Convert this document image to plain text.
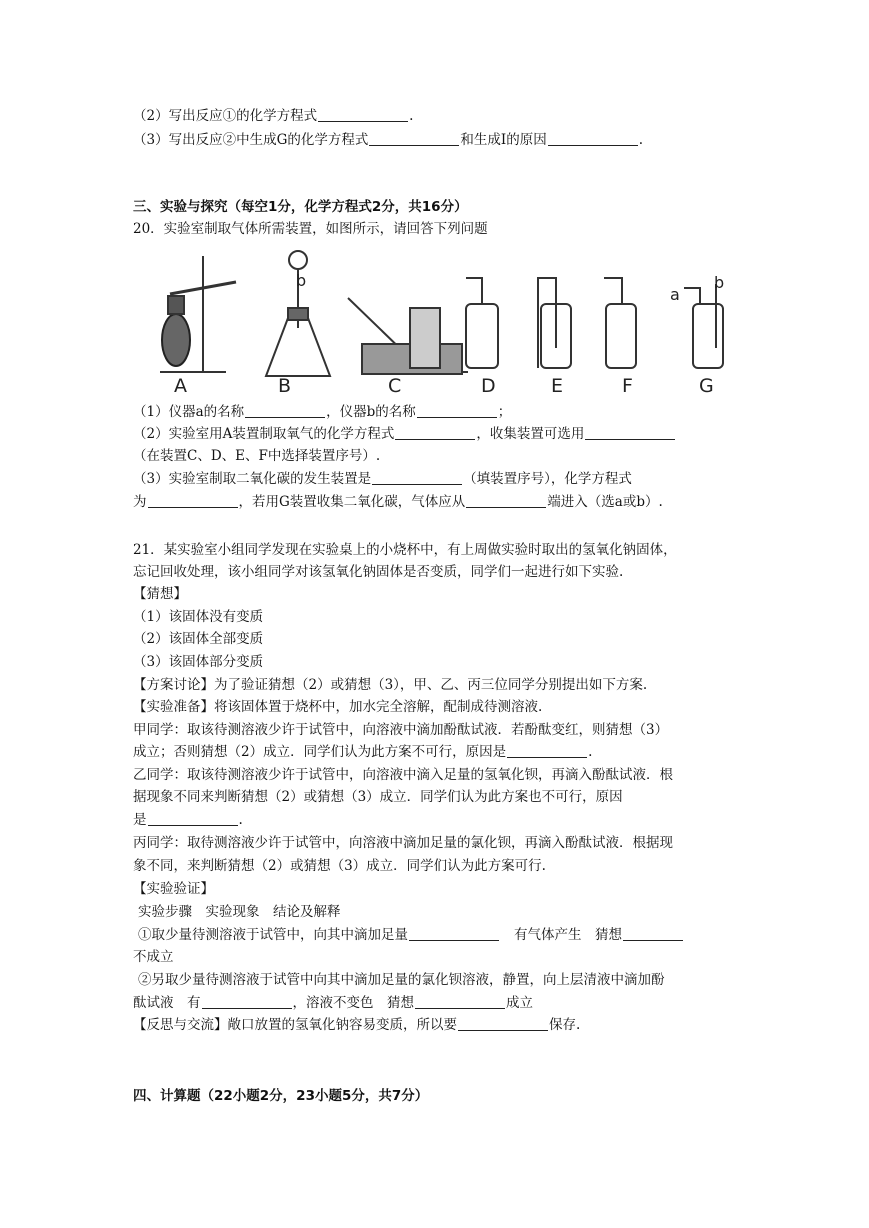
（2）写出反应①的化学方程式	.
（3）写出反应②中生成G的化学方程式	和生成I的原因	.
三、实验与探究（每空1分，化学方程式2分，共16分）
20．实验室制取气体所需装置，如图所示，请回答下列问题
b
a
b
A	B	C	D	E	F	G
（1）仪器a的名称	，仪器b的名称	；
（2）实验室用A装置制取氧气的化学方程式	，收集装置可选用
（在装置C、D、E、F中选择装置序号）.
（3）实验室制取二氧化碳的发生装置是	（填装置序号），化学方程式
为	，若用G装置收集二氧化碳，气体应从	端进入（选a或b）.
21．某实验室小组同学发现在实验桌上的小烧杯中，有上周做实验时取出的氢氧化钠固体，
忘记回收处理，该小组同学对该氢氧化钠固体是否变质，同学们一起进行如下实验.
【猜想】
（1）该固体没有变质
（2）该固体全部变质
（3）该固体部分变质
【方案讨论】为了验证猜想（2）或猜想（3），甲、乙、丙三位同学分别提出如下方案.
【实验准备】将该固体置于烧杯中，加水完全溶解，配制成待测溶液.
甲同学：取该待测溶液少许于试管中，向溶液中滴加酚酞试液．若酚酞变红，则猜想（3）
成立；否则猜想（2）成立．同学们认为此方案不可行，原因是	.
乙同学：取该待测溶液少许于试管中，向溶液中滴入足量的氢氧化钡，再滴入酚酞试液．根
据现象不同来判断猜想（2）或猜想（3）成立．同学们认为此方案也不可行，原因
是	.
丙同学：取待测溶液少许于试管中，向溶液中滴加足量的氯化钡，再滴入酚酞试液．根据现
象不同，来判断猜想（2）或猜想（3）成立．同学们认为此方案可行.
【实验验证】
实验步骤　实验现象　结论及解释
①取少量待测溶液于试管中，向其中滴加足量	有气体产生　猜想
不成立
②另取少量待测溶液于试管中向其中滴加足量的氯化钡溶液，静置，向上层清液中滴加酚
酞试液　有	，溶液不变色　猜想	成立
【反思与交流】敞口放置的氢氧化钠容易变质，所以要	保存.
四、计算题（22小题2分，23小题5分，共7分）
